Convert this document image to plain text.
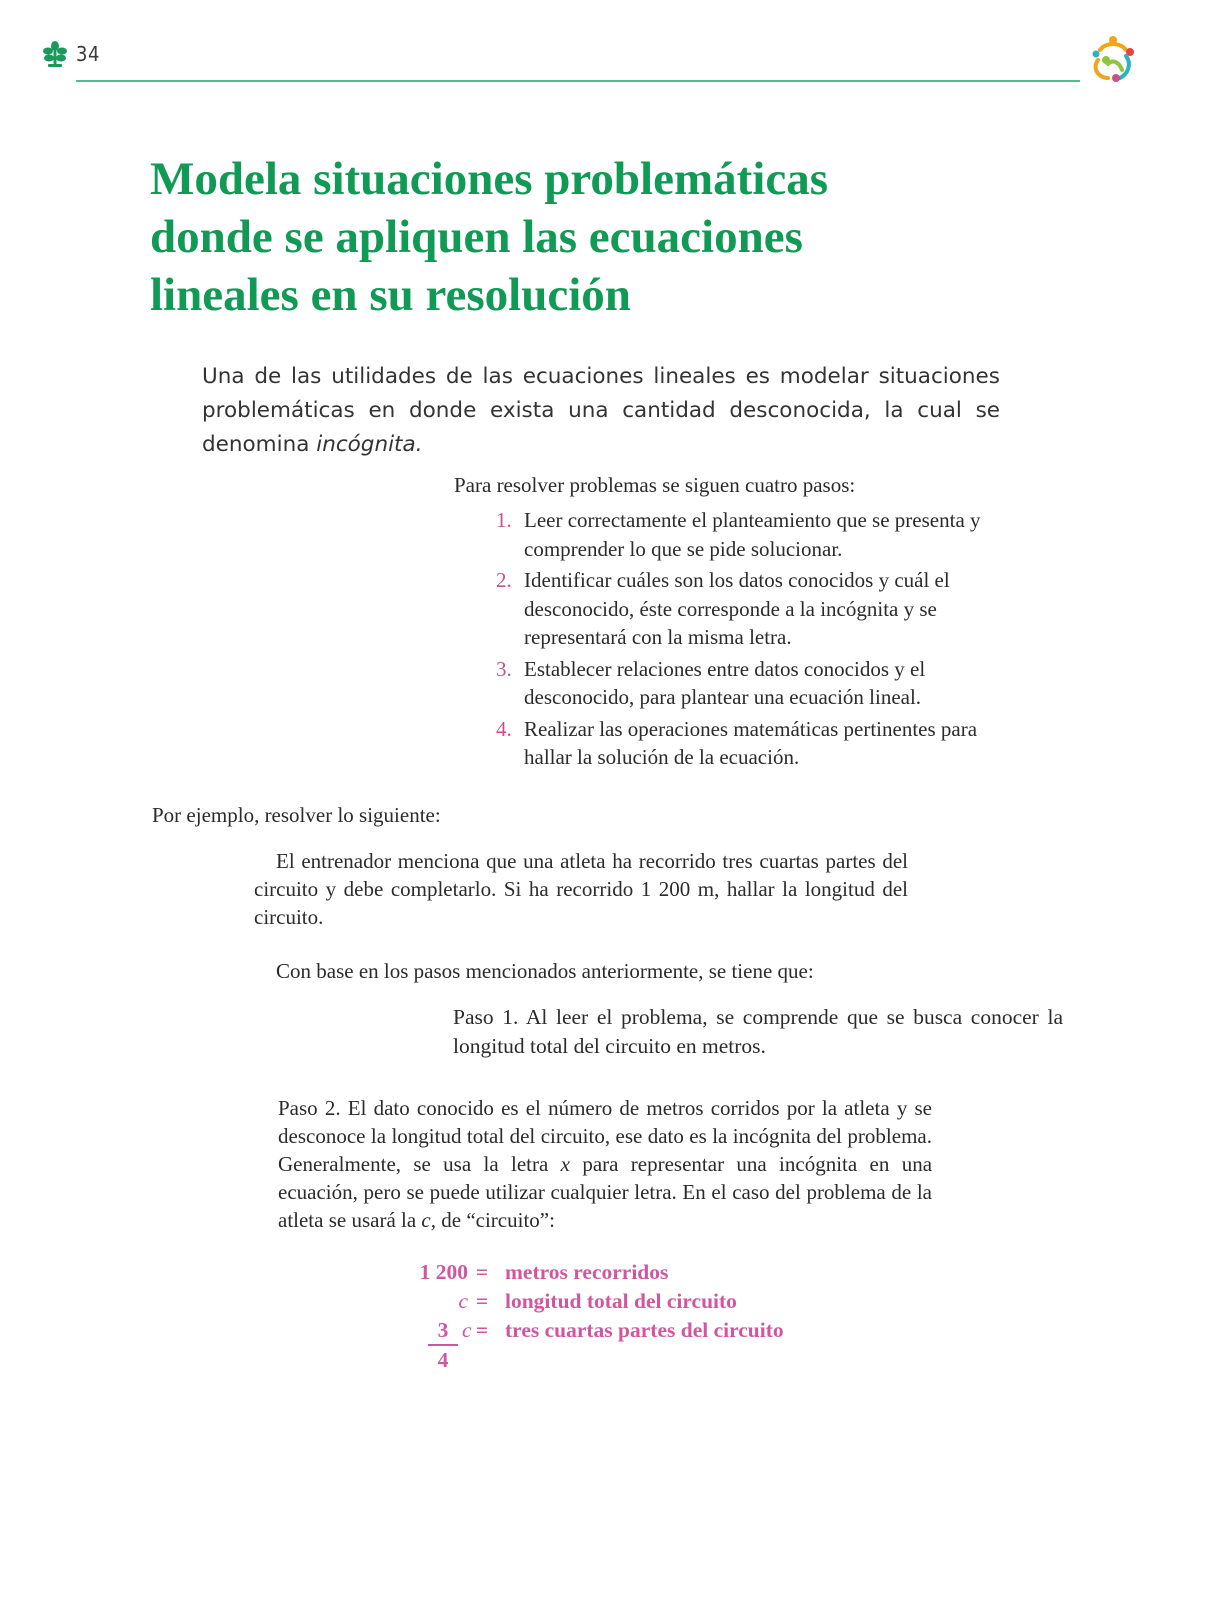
34
Modela situaciones problemáticas
donde se apliquen las ecuaciones
lineales en su resolución

Una de las utilidades de las ecuaciones lineales es modelar situaciones problemáticas en donde exista una cantidad desconocida, la cual se denomina incógnita.

Para resolver problemas se siguen cuatro pasos:
1. Leer correctamente el planteamiento que se presenta y comprender lo que se pide solucionar.
2. Identificar cuáles son los datos conocidos y cuál el desconocido, éste corresponde a la incógnita y se representará con la misma letra.
3. Establecer relaciones entre datos conocidos y el desconocido, para plantear una ecuación lineal.
4. Realizar las operaciones matemáticas pertinentes para hallar la solución de la ecuación.
Por ejemplo, resolver lo siguiente:

El entrenador menciona que una atleta ha recorrido tres cuartas partes del circuito y debe completarlo. Si ha recorrido 1 200 m, hallar la longitud del circuito.

Con base en los pasos mencionados anteriormente, se tiene que:

Paso 1. Al leer el problema, se comprende que se busca conocer la longitud total del circuito en metros.

Paso 2. El dato conocido es el número de metros corridos por la atleta y se desconoce la longitud total del circuito, ese dato es la incógnita del problema. Generalmente, se usa la letra x para representar una incógnita en una ecuación, pero se puede utilizar cualquier letra. En el caso del problema de la atleta se usará la c, de “circuito”:

1 200 = metros recorridos
c = longitud total del circuito
3
4
c = tres cuartas partes del circuito
